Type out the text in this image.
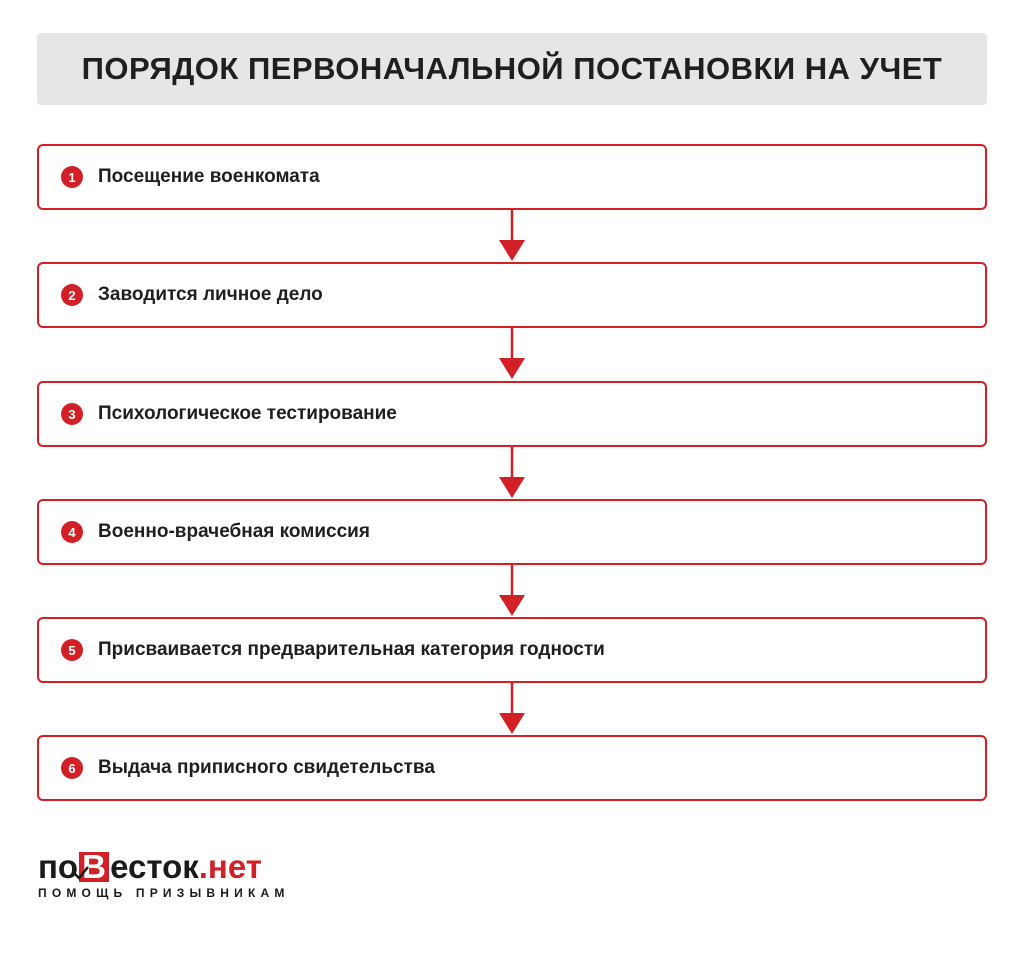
ПОРЯДОК ПЕРВОНАЧАЛЬНОЙ ПОСТАНОВКИ НА УЧЕТ
1	Посещение военкомата
2	Заводится личное дело
3	Психологическое тестирование
4	Военно-врачебная комиссия
5	Присваивается предварительная категория годности
6	Выдача приписного свидетельства
по В есток .нет
ПОМОЩЬ ПРИЗЫВНИКАМ
